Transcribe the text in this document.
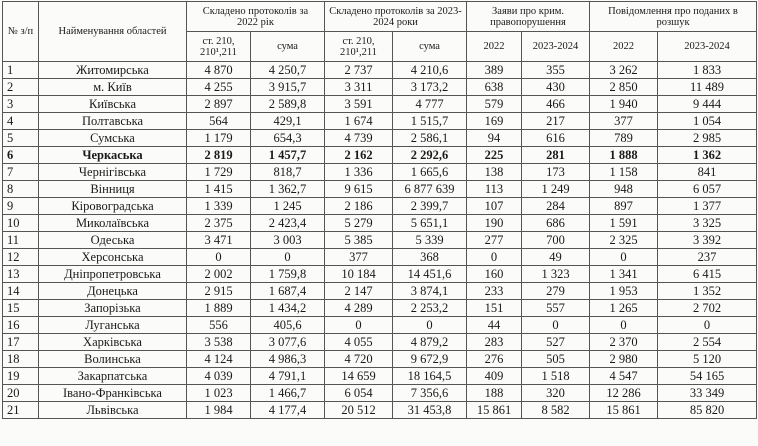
№ з/п	Найменування областей	Складено протоколів за 2022 рік		Складено протоколів за 2023-2024 роки		Заяви про крим. правопорушення		Повідомлення про поданих в розшук	
		ст. 210, 210¹,211	сума	ст. 210, 210¹,211	сума	2022	2023-2024	2022	2023-2024
1	Житомирська	4 870	4 250,7	2 737	4 210,6	389	355	3 262	1 833
2	м. Київ	4 255	3 915,7	3 311	3 173,2	638	430	2 850	11 489
3	Київська	2 897	2 589,8	3 591	4 777	579	466	1 940	9 444
4	Полтавська	564	429,1	1 674	1 515,7	169	217	377	1 054
5	Сумська	1 179	654,3	4 739	2 586,1	94	616	789	2 985
6	Черкаська	2 819	1 457,7	2 162	2 292,6	225	281	1 888	1 362
7	Чернігівська	1 729	818,7	1 336	1 665,6	138	173	1 158	841
8	Вінниця	1 415	1 362,7	9 615	6 877 639	113	1 249	948	6 057
9	Кіровоградська	1 339	1 245	2 186	2 399,7	107	284	897	1 377
10	Миколаївська	2 375	2 423,4	5 279	5 651,1	190	686	1 591	3 325
11	Одеська	3 471	3 003	5 385	5 339	277	700	2 325	3 392
12	Херсонська	0	0	377	368	0	49	0	237
13	Дніпропетровська	2 002	1 759,8	10 184	14 451,6	160	1 323	1 341	6 415
14	Донецька	2 915	1 687,4	2 147	3 874,1	233	279	1 953	1 352
15	Запорізька	1 889	1 434,2	4 289	2 253,2	151	557	1 265	2 702
16	Луганська	556	405,6	0	0	44	0	0	0
17	Харківська	3 538	3 077,6	4 055	4 879,2	283	527	2 370	2 554
18	Волинська	4 124	4 986,3	4 720	9 672,9	276	505	2 980	5 120
19	Закарпатська	4 039	4 791,1	14 659	18 164,5	409	1 518	4 547	54 165
20	Івано-Франківська	1 023	1 466,7	6 054	7 356,6	188	320	12 286	33 349
21	Львівська	1 984	4 177,4	20 512	31 453,8	15 861	8 582	15 861	85 820
